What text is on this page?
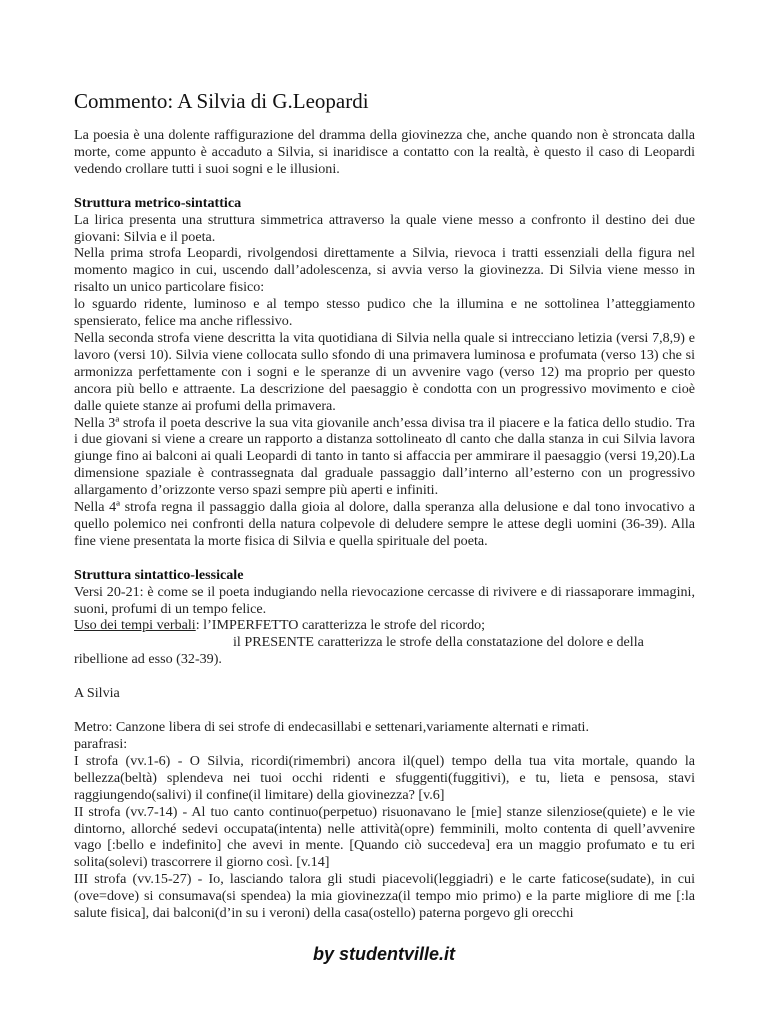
Commento: A Silvia di G.Leopardi

La poesia è una dolente raffigurazione del dramma della giovinezza che, anche quando non è stroncata dalla morte, come appunto è accaduto a Silvia, si inaridisce a contatto con la realtà, è questo il caso di Leopardi vedendo crollare tutti i suoi sogni e le illusioni.

Struttura metrico-sintattica

La lirica presenta una struttura simmetrica attraverso la quale viene messo a confronto il destino dei due giovani: Silvia e il poeta.

Nella prima strofa Leopardi, rivolgendosi direttamente a Silvia, rievoca i tratti essenziali della figura nel momento magico in cui, uscendo dall’adolescenza, si avvia verso la giovinezza. Di Silvia viene messo in risalto un unico particolare fisico:

lo sguardo ridente, luminoso e al tempo stesso pudico che la illumina e ne sottolinea l’atteggiamento spensierato, felice ma anche riflessivo.

Nella seconda strofa viene descritta la vita quotidiana di Silvia nella quale si intrecciano letizia (versi 7,8,9) e lavoro (versi 10). Silvia viene collocata sullo sfondo di una primavera luminosa e profumata (verso 13) che si armonizza perfettamente con i sogni e le speranze di un avvenire vago (verso 12) ma proprio per questo ancora più bello e attraente. La descrizione del paesaggio è condotta con un progressivo movimento e cioè dalle quiete stanze ai profumi della primavera.

Nella 3ª strofa il poeta descrive la sua vita giovanile anch’essa divisa tra il piacere e la fatica dello studio. Tra i due giovani si viene a creare un rapporto a distanza sottolineato dl canto che dalla stanza in cui Silvia lavora giunge fino ai balconi ai quali Leopardi di tanto in tanto si affaccia per ammirare il paesaggio (versi 19,20).La dimensione spaziale è contrassegnata dal graduale passaggio dall’interno all’esterno con un progressivo allargamento d’orizzonte verso spazi sempre più aperti e infiniti.

Nella 4ª strofa regna il passaggio dalla gioia al dolore, dalla speranza alla delusione e dal tono invocativo a quello polemico nei confronti della natura colpevole di deludere sempre le attese degli uomini (36-39). Alla fine viene presentata la morte fisica di Silvia e quella spirituale del poeta.

Struttura sintattico-lessicale

Versi 20-21: è come se il poeta indugiando nella rievocazione cercasse di rivivere e di riassaporare immagini, suoni, profumi di un tempo felice.

Uso dei tempi verbali: l’IMPERFETTO caratterizza le strofe del ricordo;

il PRESENTE caratterizza le strofe della constatazione del dolore e della

ribellione ad esso (32-39).

A Silvia

Metro: Canzone libera di sei strofe di endecasillabi e settenari,variamente alternati e rimati.

parafrasi:

I strofa (vv.1-6) - O Silvia, ricordi(rimembri) ancora il(quel) tempo della tua vita mortale, quando la bellezza(beltà) splendeva nei tuoi occhi ridenti e sfuggenti(fuggitivi), e tu, lieta e pensosa, stavi raggiungendo(salivi) il confine(il limitare) della giovinezza? [v.6]

II strofa (vv.7-14) - Al tuo canto continuo(perpetuo) risuonavano le [mie] stanze silenziose(quiete) e le vie dintorno, allorché sedevi occupata(intenta) nelle attività(opre) femminili, molto contenta di quell’avvenire vago [:bello e indefinito] che avevi in mente. [Quando ciò succedeva] era un maggio profumato e tu eri solita(solevi) trascorrere il giorno così. [v.14]

III strofa (vv.15-27) - Io, lasciando talora gli studi piacevoli(leggiadri) e le carte faticose(sudate), in cui (ove=dove) si consumava(si spendea) la mia giovinezza(il tempo mio primo) e la parte migliore di me [:la salute fisica], dai balconi(d’in su i veroni) della casa(ostello) paterna porgevo gli orecchi

by studentville.it
